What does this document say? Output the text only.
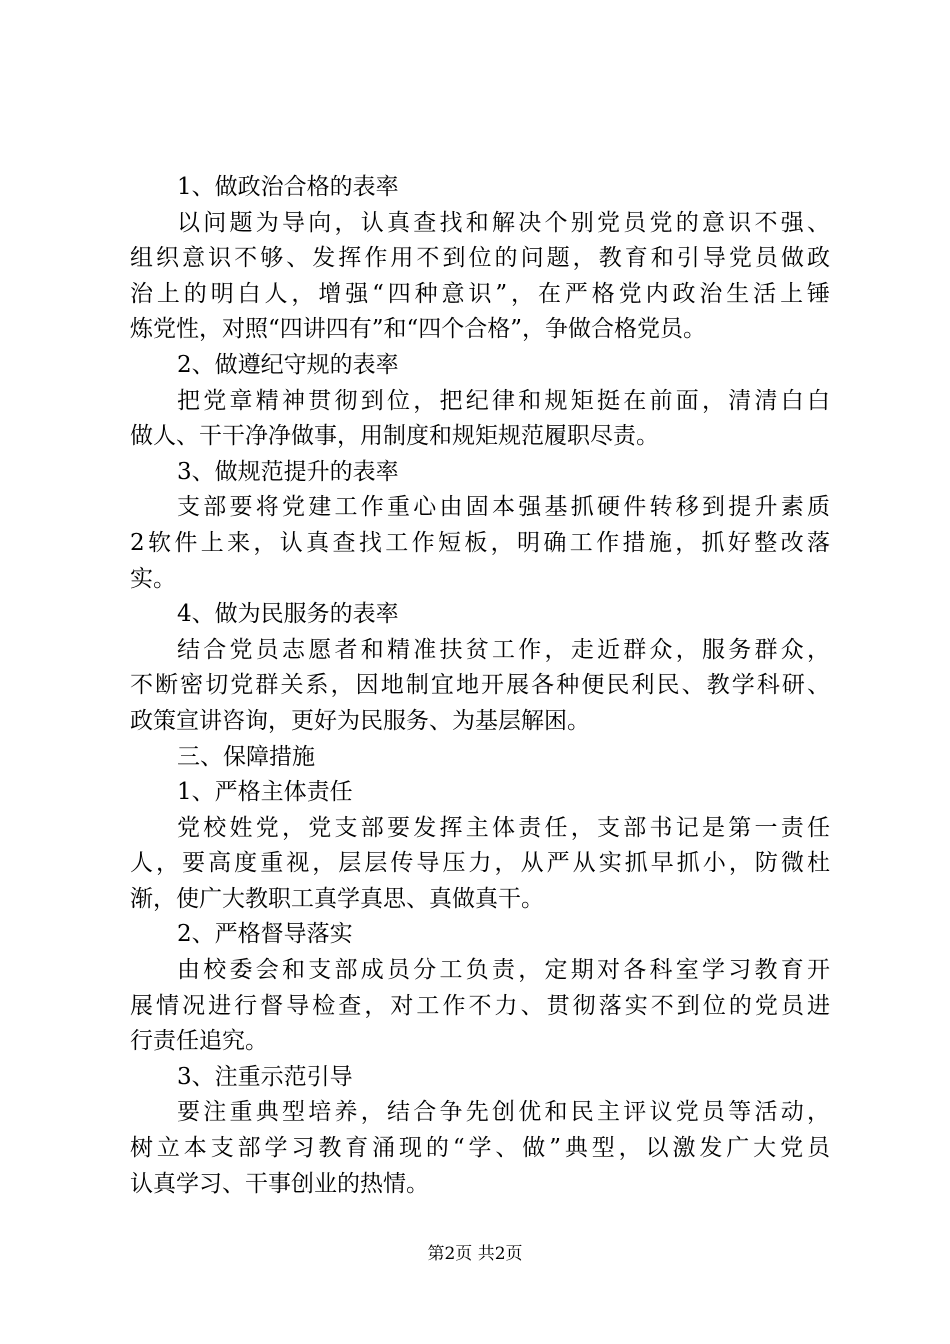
1、做政治合格的表率
以问题为导向，认真查找和解决个别党员党的意识不强、
组织意识不够、发挥作用不到位的问题，教育和引导党员做政
治上的明白人，增强“四种意识”，在严格党内政治生活上锤
炼党性，对照“四讲四有”和“四个合格”，争做合格党员。
2、做遵纪守规的表率
把党章精神贯彻到位，把纪律和规矩挺在前面，清清白白
做人、干干净净做事，用制度和规矩规范履职尽责。
3、做规范提升的表率
支部要将党建工作重心由固本强基抓硬件转移到提升素质
2软件上来，认真查找工作短板，明确工作措施，抓好整改落
实。
4、做为民服务的表率
结合党员志愿者和精准扶贫工作，走近群众，服务群众，
不断密切党群关系，因地制宜地开展各种便民利民、教学科研、
政策宣讲咨询，更好为民服务、为基层解困。
三、保障措施
1、严格主体责任
党校姓党，党支部要发挥主体责任，支部书记是第一责任
人，要高度重视，层层传导压力，从严从实抓早抓小，防微杜
渐，使广大教职工真学真思、真做真干。
2、严格督导落实
由校委会和支部成员分工负责，定期对各科室学习教育开
展情况进行督导检查，对工作不力、贯彻落实不到位的党员进
行责任追究。
3、注重示范引导
要注重典型培养，结合争先创优和民主评议党员等活动，
树立本支部学习教育涌现的“学、做”典型，以激发广大党员
认真学习、干事创业的热情。
第2页 共2页
